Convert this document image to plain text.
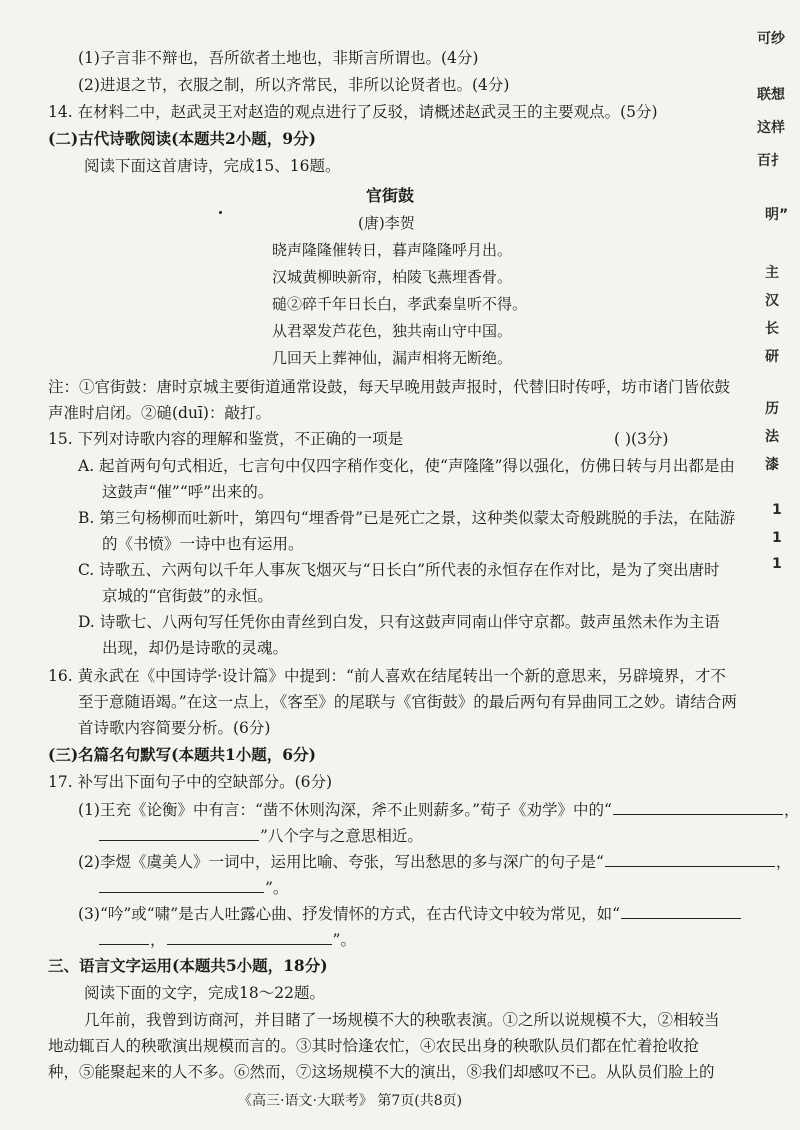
(1)子言非不辩也，吾所欲者土地也，非斯言所谓也。(4分)
(2)进退之节，衣服之制，所以齐常民，非所以论贤者也。(4分)
14. 在材料二中，赵武灵王对赵造的观点进行了反驳，请概述赵武灵王的主要观点。(5分)
(二)古代诗歌阅读(本题共2小题，9分)
阅读下面这首唐诗，完成15、16题。
官街鼓
(唐)李贺
晓声隆隆催转日，暮声隆隆呼月出。
汉城黄柳映新帘，柏陵飞燕埋香骨。
磓②碎千年日长白，孝武秦皇听不得。
从君翠发芦花色，独共南山守中国。
几回天上葬神仙，漏声相将无断绝。
注：①官街鼓：唐时京城主要街道通常设鼓，每天早晚用鼓声报时，代替旧时传呼，坊市诸门皆依鼓
声准时启闭。②磓(duī)：敲打。
15. 下列对诗歌内容的理解和鉴赏，不正确的一项是	( )(3分)
A. 起首两句句式相近，七言句中仅四字稍作变化，使“声隆隆”得以强化，仿佛日转与月出都是由
这鼓声“催”“呼”出来的。
B. 第三句杨柳而吐新叶，第四句“埋香骨”已是死亡之景，这种类似蒙太奇般跳脱的手法，在陆游
的《书愤》一诗中也有运用。
C. 诗歌五、六两句以千年人事灰飞烟灭与“日长白”所代表的永恒存在作对比，是为了突出唐时
京城的“官街鼓”的永恒。
D. 诗歌七、八两句写任凭你由青丝到白发，只有这鼓声同南山伴守京都。鼓声虽然未作为主语
出现，却仍是诗歌的灵魂。
16. 黄永武在《中国诗学·设计篇》中提到：“前人喜欢在结尾转出一个新的意思来，另辟境界，才不
至于意随语竭。”在这一点上，《客至》的尾联与《官街鼓》的最后两句有异曲同工之妙。请结合两
首诗歌内容简要分析。(6分)
(三)名篇名句默写(本题共1小题，6分)
17. 补写出下面句子中的空缺部分。(6分)
(1)王充《论衡》中有言：“凿不休则沟深，斧不止则薪多。”荀子《劝学》中的“	，
”八个字与之意思相近。
(2)李煜《虞美人》一词中，运用比喻、夸张，写出愁思的多与深广的句子是“	，
”。
(3)“吟”或“啸”是古人吐露心曲、抒发情怀的方式，在古代诗文中较为常见，如“
，	”。
三、语言文字运用(本题共5小题，18分)
阅读下面的文字，完成18～22题。
几年前，我曾到访商河，并目睹了一场规模不大的秧歌表演。①之所以说规模不大，②相较当
地动辄百人的秧歌演出规模而言的。③其时恰逢农忙，④农民出身的秧歌队员们都在忙着抢收抢
种，⑤能聚起来的人不多。⑥然而，⑦这场规模不大的演出，⑧我们却感叹不已。从队员们脸上的
《高三·语文·大联考》 第7页(共8页)
可纱
联想
这样
百扌
明”
主
汉
长
研
历
法
漆
1
1
1
